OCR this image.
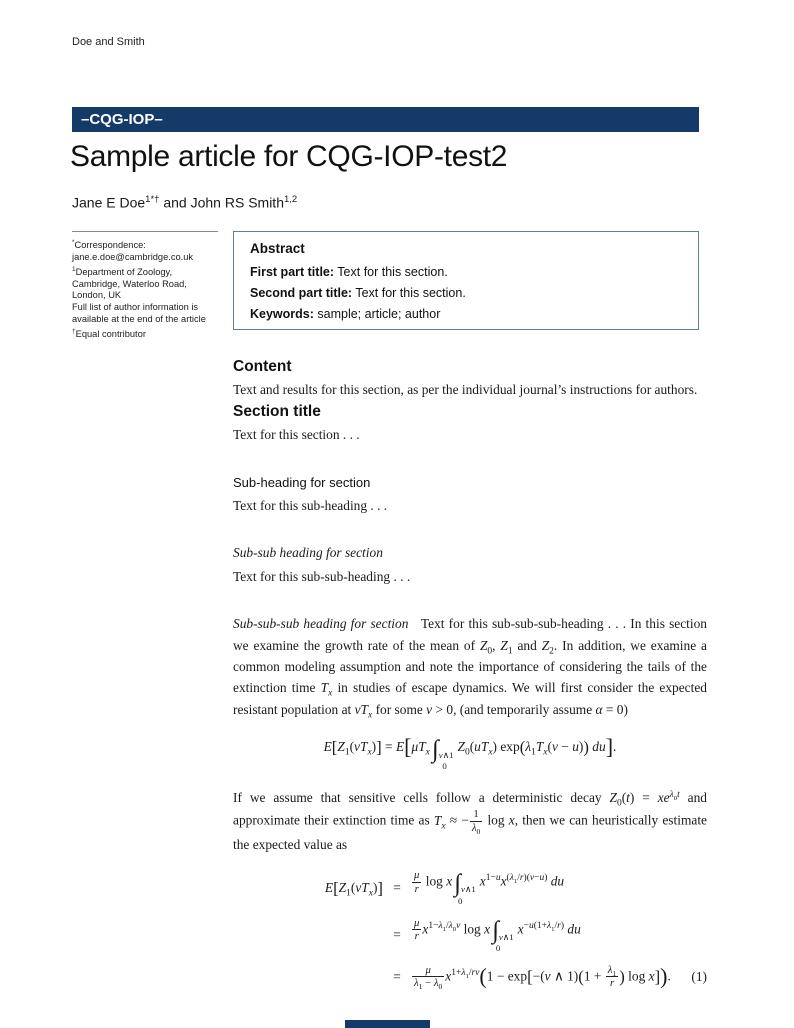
Doe and Smith
–CQG-IOP–
Sample article for CQG-IOP-test2
Jane E Doe$^{1*\dagger}$ and John RS Smith$^{1,2}$
*Correspondence:
jane.e.doe@cambridge.co.uk
$^1$Department of Zoology,
Cambridge, Waterloo Road,
London, UK
Full list of author information is
available at the end of the article
†Equal contributor
Abstract
First part title: Text for this section.
Second part title: Text for this section.
Keywords: sample; article; author
Content

Text and results for this section, as per the individual journal’s instructions for authors.

Section title

Text for this section . . .

Sub-heading for section

Text for this sub-heading . . .

Sub-sub heading for section

Text for this sub-sub-heading . . .

Sub-sub-sub heading for section   Text for this sub-sub-sub-heading . . . In this section we examine the growth rate of the mean of $Z_0$, $Z_1$ and $Z_2$. In addition, we examine a common modeling assumption and note the importance of considering the tails of the extinction time $T_x$ in studies of escape dynamics. We will first consider the expected resistant population at $vT_x$ for some v > 0, (and temporarily assume α = 0)

$E[Z_1(vT_x)] = E[\mu T_x\int$ v∧1
0
$Z_0(uT_x) \exp(\lambda_1T_x(v - u))$ du].

If we assume that sensitive cells follow a deterministic decay $Z_0(t) = xe^{\lambda_0t}$ and approximate their extinction time as $T_x$ ≈ − $\frac{1}{\lambda_0}$ log x, then we can heuristically estimate the expected value as

$E[Z_1(vT_x)]$ =	$\frac{\mu}{r}$ log x∫ v∧1
0
$x^{1-u}x^{(\lambda_1/r)(v-u)}$ du
=	$\frac{\mu}{r} x^{1-\lambda_1/\lambda_0v}$ log x∫ v∧1
0
$x^{-u(1+\lambda_1/r)}$ du
=	$\frac{\mu}{\lambda_1 - \lambda_0} x^{1+\lambda_1/rv}(1 - \exp[-(v$ ∧ $1)(1 + \frac{\lambda_1}{r}$ ) log x]). (1)
